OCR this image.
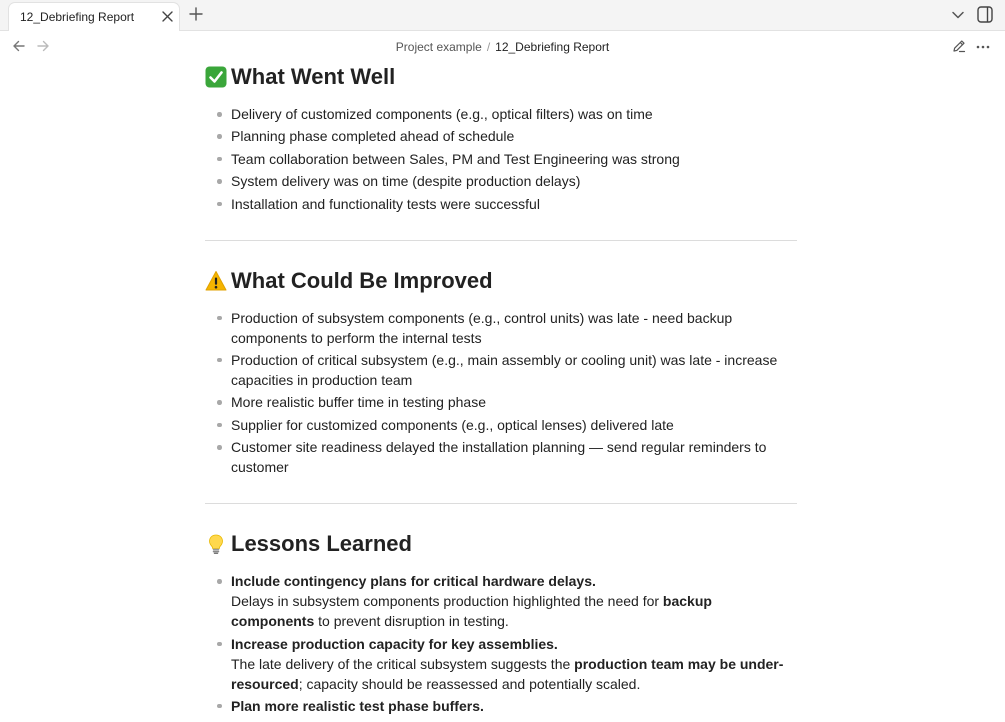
12_Debriefing Report
Project example / 12_Debriefing Report
What Went Well
Delivery of customized components (e.g., optical filters) was on time
Planning phase completed ahead of schedule
Team collaboration between Sales, PM and Test Engineering was strong
System delivery was on time (despite production delays)
Installation and functionality tests were successful
What Could Be Improved
Production of subsystem components (e.g., control units) was late - need backup components to perform the internal tests
Production of critical subsystem (e.g., main assembly or cooling unit) was late - increase capacities in production team
More realistic buffer time in testing phase
Supplier for customized components (e.g., optical lenses) delivered late
Customer site readiness delayed the installation planning — send regular reminders to customer
Lessons Learned
Include contingency plans for critical hardware delays.
Delays in subsystem components production highlighted the need for backup components to prevent disruption in testing.
Increase production capacity for key assemblies.
The late delivery of the critical subsystem suggests the production team may be under-resourced; capacity should be reassessed and potentially scaled.
Plan more realistic test phase buffers.
